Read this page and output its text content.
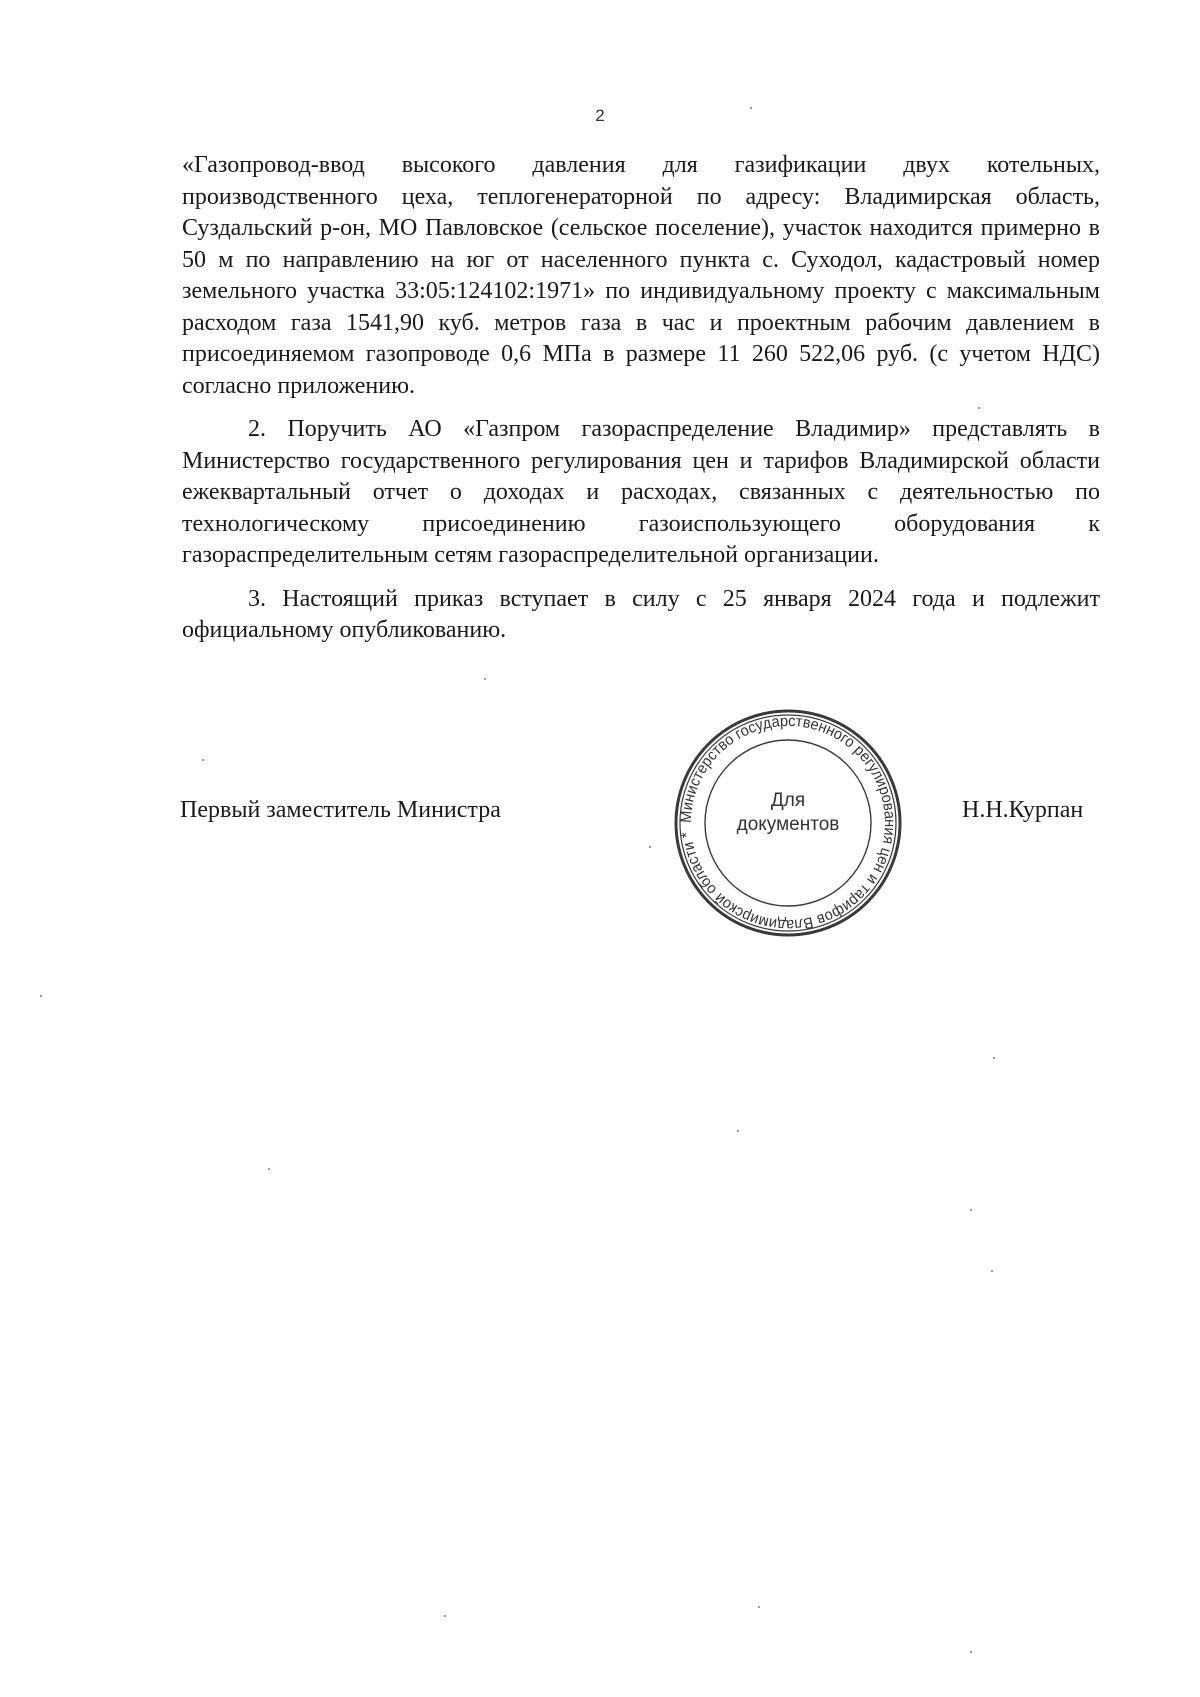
2

«Газопровод-ввод высокого давления для газификации двух котельных, производственного цеха, теплогенераторной по адресу: Владимирская область, Суздальский р-он, МО Павловское (сельское поселение), участок находится примерно в 50 м по направлению на юг от населенного пункта с. Суходол, кадастровый номер земельного участка 33:05:124102:1971» по индивидуальному проекту с максимальным расходом газа 1541,90 куб. метров газа в час и проектным рабочим давлением в присоединяемом газопроводе 0,6 МПа в размере 11 260 522,06 руб. (с учетом НДС) согласно приложению.

2. Поручить АО «Газпром газораспределение Владимир» представлять в Министерство государственного регулирования цен и тарифов Владимирской области ежеквартальный отчет о доходах и расходах, связанных с деятельностью по технологическому присоединению газоиспользующего оборудования к газораспределительным сетям газораспределительной организации.

3. Настоящий приказ вступает в силу с 25 января 2024 года и подлежит официальному опубликованию.

Первый заместитель Министра	Н.Н.Курпан
Министерство государственного регулирования цен и тарифов Владимирской области *
Для
документов
